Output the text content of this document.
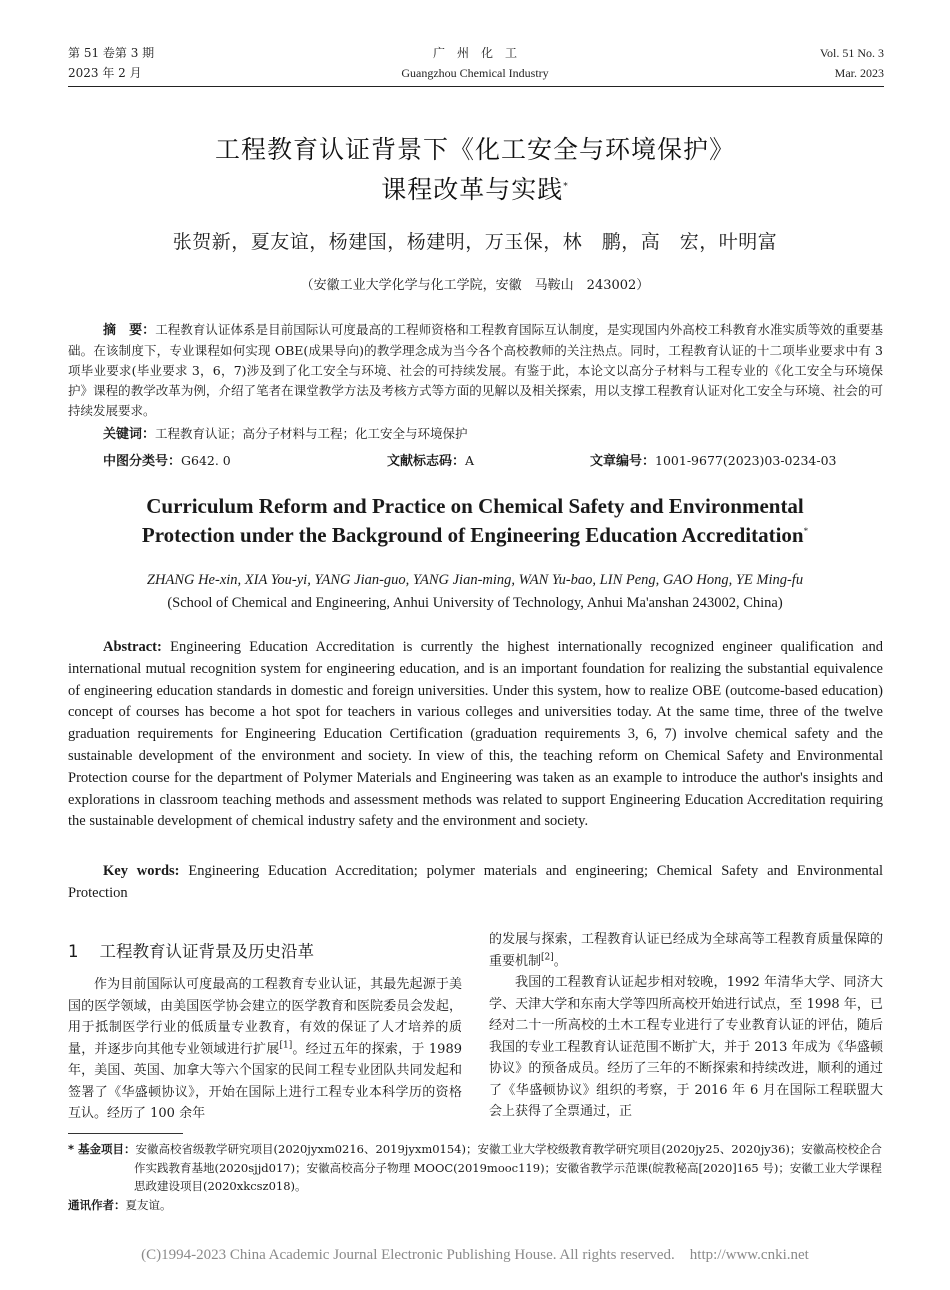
第 51 卷第 3 期
2023 年 2 月
广　州　化　工
Guangzhou Chemical Industry
Vol. 51 No. 3
Mar. 2023
工程教育认证背景下《化工安全与环境保护》
课程改革与实践*
张贺新，夏友谊，杨建国，杨建明，万玉保，林　鹏，高　宏，叶明富
（安徽工业大学化学与化工学院，安徽　马鞍山　243002）
摘　要：工程教育认证体系是目前国际认可度最高的工程师资格和工程教育国际互认制度，是实现国内外高校工科教育水准实质等效的重要基础。在该制度下，专业课程如何实现 OBE(成果导向)的教学理念成为当今各个高校教师的关注热点。同时，工程教育认证的十二项毕业要求中有 3 项毕业要求(毕业要求 3，6，7)涉及到了化工安全与环境、社会的可持续发展。有鉴于此，本论文以高分子材料与工程专业的《化工安全与环境保护》课程的教学改革为例，介绍了笔者在课堂教学方法及考核方式等方面的见解以及相关探索，用以支撑工程教育认证对化工安全与环境、社会的可持续发展要求。
关键词：工程教育认证；高分子材料与工程；化工安全与环境保护
中图分类号：G642. 0	文献标志码：A	文章编号：1001-9677(2023)03-0234-03
Curriculum Reform and Practice on Chemical Safety and Environmental
Protection under the Background of Engineering Education Accreditation*
ZHANG He-xin, XIA You-yi, YANG Jian-guo, YANG Jian-ming, WAN Yu-bao, LIN Peng, GAO Hong, YE Ming-fu
(School of Chemical and Engineering, Anhui University of Technology, Anhui Ma'anshan 243002, China)
Abstract: Engineering Education Accreditation is currently the highest internationally recognized engineer qualification and international mutual recognition system for engineering education, and is an important foundation for realizing the substantial equivalence of engineering education standards in domestic and foreign universities. Under this system, how to realize OBE (outcome-based education) concept of courses has become a hot spot for teachers in various colleges and universities today. At the same time, three of the twelve graduation requirements for Engineering Education Certification (graduation requirements 3, 6, 7) involve chemical safety and the sustainable development of the environment and society. In view of this, the teaching reform on Chemical Safety and Environmental Protection course for the department of Polymer Materials and Engineering was taken as an example to introduce the author's insights and explorations in classroom teaching methods and assessment methods was related to support Engineering Education Accreditation requiring the sustainable development of chemical industry safety and the environment and society.
Key words: Engineering Education Accreditation; polymer materials and engineering; Chemical Safety and Environmental Protection
1 工程教育认证背景及历史沿革
作为目前国际认可度最高的工程教育专业认证，其最先起源于美国的医学领域，由美国医学协会建立的医学教育和医院委员会发起，用于抵制医学行业的低质量专业教育，有效的保证了人才培养的质量，并逐步向其他专业领域进行扩展[1]。经过五年的探索，于 1989 年，美国、英国、加拿大等六个国家的民间工程专业团队共同发起和签署了《华盛顿协议》，开始在国际上进行工程专业本科学历的资格互认。经历了 100 余年
的发展与探索，工程教育认证已经成为全球高等工程教育质量保障的重要机制[2]。
我国的工程教育认证起步相对较晚，1992 年清华大学、同济大学、天津大学和东南大学等四所高校开始进行试点，至 1998 年，已经对二十一所高校的土木工程专业进行了专业教育认证的评估，随后我国的专业工程教育认证范围不断扩大，并于 2013 年成为《华盛顿协议》的预备成员。经历了三年的不断探索和持续改进，顺利的通过了《华盛顿协议》组织的考察，于 2016 年 6 月在国际工程联盟大会上获得了全票通过，正
* 基金项目：安徽高校省级教学研究项目(2020jyxm0216、2019jyxm0154)；安徽工业大学校级教育教学研究项目(2020jy25、2020jy36)；安徽高校校企合作实践教育基地(2020sjjd017)；安徽高校高分子物理 MOOC(2019mooc119)；安徽省教学示范课(皖教秘高[2020]165 号)；安徽工业大学课程思政建设项目(2020xkcsz018)。
通讯作者：夏友谊。
(C)1994-2023 China Academic Journal Electronic Publishing House. All rights reserved.　http://www.cnki.net
